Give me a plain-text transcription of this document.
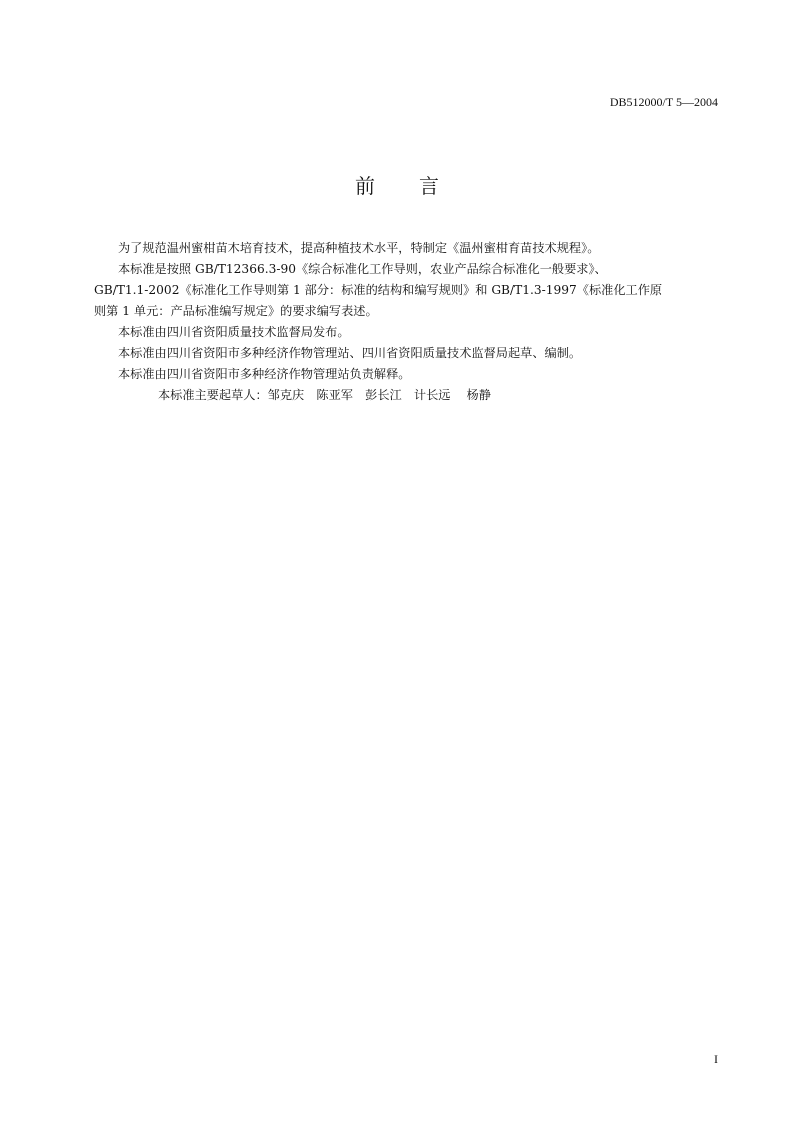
DB512000/T 5—2004
前言

为了规范温州蜜柑苗木培育技术，提高种植技术水平，特制定《温州蜜柑育苗技术规程》。

本标准是按照 GB/T12366.3-90《综合标准化工作导则，农业产品综合标准化一般要求》、

GB/T1.1-2002《标准化工作导则第 1 部分：标准的结构和编写规则》和 GB/T1.3-1997《标准化工作原

则第 1 单元：产品标准编写规定》的要求编写表述。

本标准由四川省资阳质量技术监督局发布。

本标准由四川省资阳市多种经济作物管理站、四川省资阳质量技术监督局起草、编制。

本标准由四川省资阳市多种经济作物管理站负责解释。

本标准主要起草人：邹克庆　陈亚军　彭长江　计长远　 杨静

I
